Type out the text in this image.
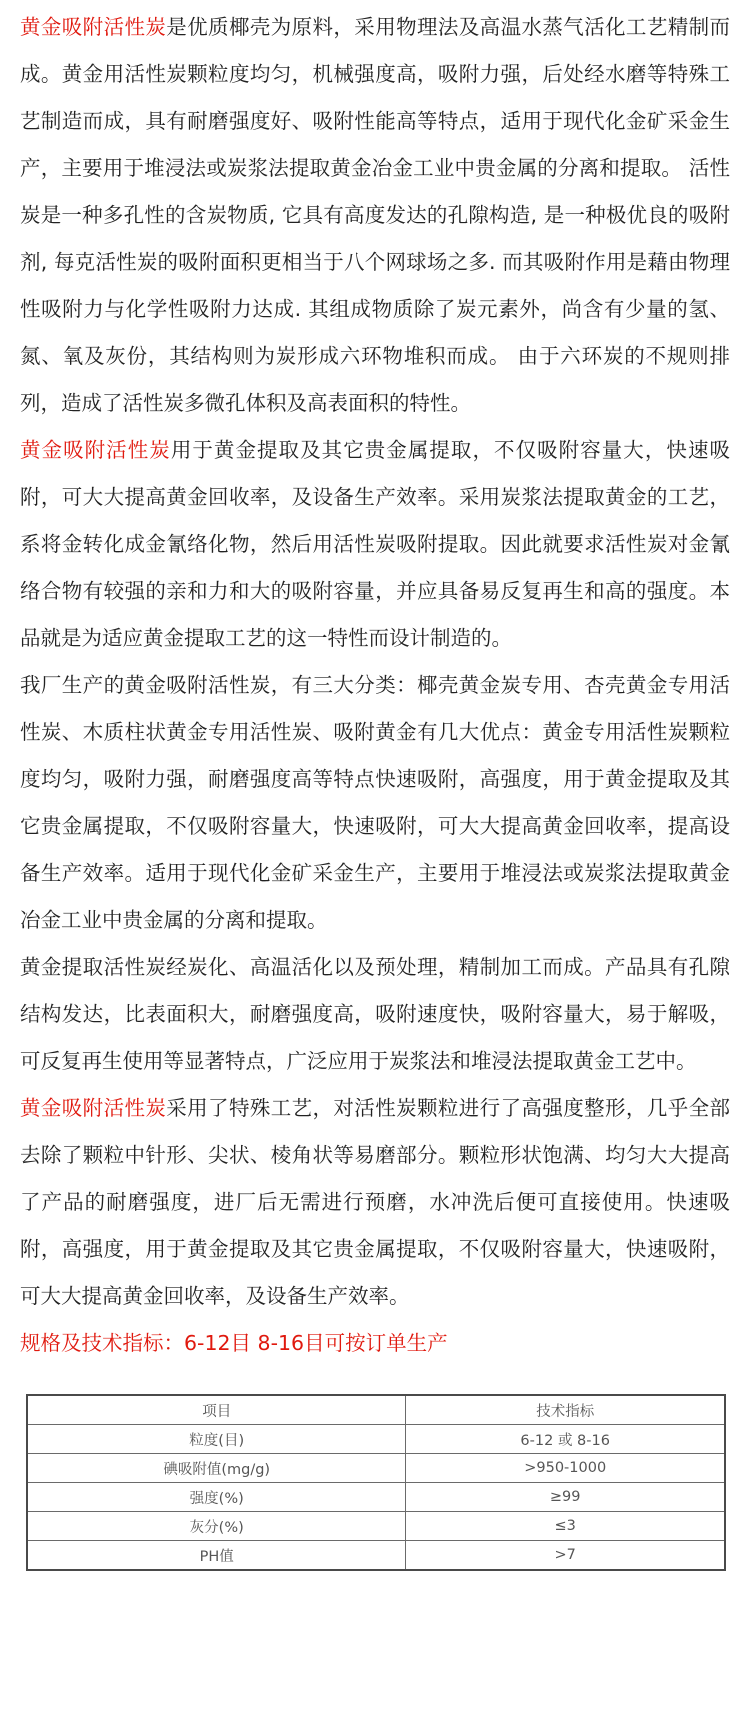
黄金吸附活性炭是优质椰壳为原料，采用物理法及高温水蒸气活化工艺精制而成。黄金用活性炭颗粒度均匀，机械强度高，吸附力强，后处经水磨等特殊工艺制造而成，具有耐磨强度好、吸附性能高等特点，适用于现代化金矿采金生产，主要用于堆浸法或炭浆法提取黄金冶金工业中贵金属的分离和提取。 活性炭是一种多孔性的含炭物质, 它具有高度发达的孔隙构造, 是一种极优良的吸附剂, 每克活性炭的吸附面积更相当于八个网球场之多. 而其吸附作用是藉由物理性吸附力与化学性吸附力达成. 其组成物质除了炭元素外，尚含有少量的氢、氮、氧及灰份，其结构则为炭形成六环物堆积而成。 由于六环炭的不规则排列，造成了活性炭多微孔体积及高表面积的特性。

黄金吸附活性炭用于黄金提取及其它贵金属提取，不仅吸附容量大，快速吸附，可大大提高黄金回收率，及设备生产效率。采用炭浆法提取黄金的工艺，系将金转化成金氰络化物，然后用活性炭吸附提取。因此就要求活性炭对金氰络合物有较强的亲和力和大的吸附容量，并应具备易反复再生和高的强度。本品就是为适应黄金提取工艺的这一特性而设计制造的。

我厂生产的黄金吸附活性炭，有三大分类：椰壳黄金炭专用、杏壳黄金专用活性炭、木质柱状黄金专用活性炭、吸附黄金有几大优点：黄金专用活性炭颗粒度均匀，吸附力强，耐磨强度高等特点快速吸附，高强度，用于黄金提取及其它贵金属提取，不仅吸附容量大，快速吸附，可大大提高黄金回收率，提高设备生产效率。适用于现代化金矿采金生产，主要用于堆浸法或炭浆法提取黄金冶金工业中贵金属的分离和提取。

黄金提取活性炭经炭化、高温活化以及预处理，精制加工而成。产品具有孔隙结构发达，比表面积大，耐磨强度高，吸附速度快，吸附容量大，易于解吸，可反复再生使用等显著特点，广泛应用于炭浆法和堆浸法提取黄金工艺中。

黄金吸附活性炭采用了特殊工艺，对活性炭颗粒进行了高强度整形，几乎全部去除了颗粒中针形、尖状、棱角状等易磨部分。颗粒形状饱满、均匀大大提高了产品的耐磨强度，进厂后无需进行预磨，水冲洗后便可直接使用。快速吸附，高强度，用于黄金提取及其它贵金属提取，不仅吸附容量大，快速吸附，可大大提高黄金回收率，及设备生产效率。

规格及技术指标：6-12目 8-16目可按订单生产

项目	技术指标
粒度(目)	6-12 或 8-16
碘吸附值(mg/g)	>950-1000
强度(%)	≥99
灰分(%)	≤3
PH值	>7
